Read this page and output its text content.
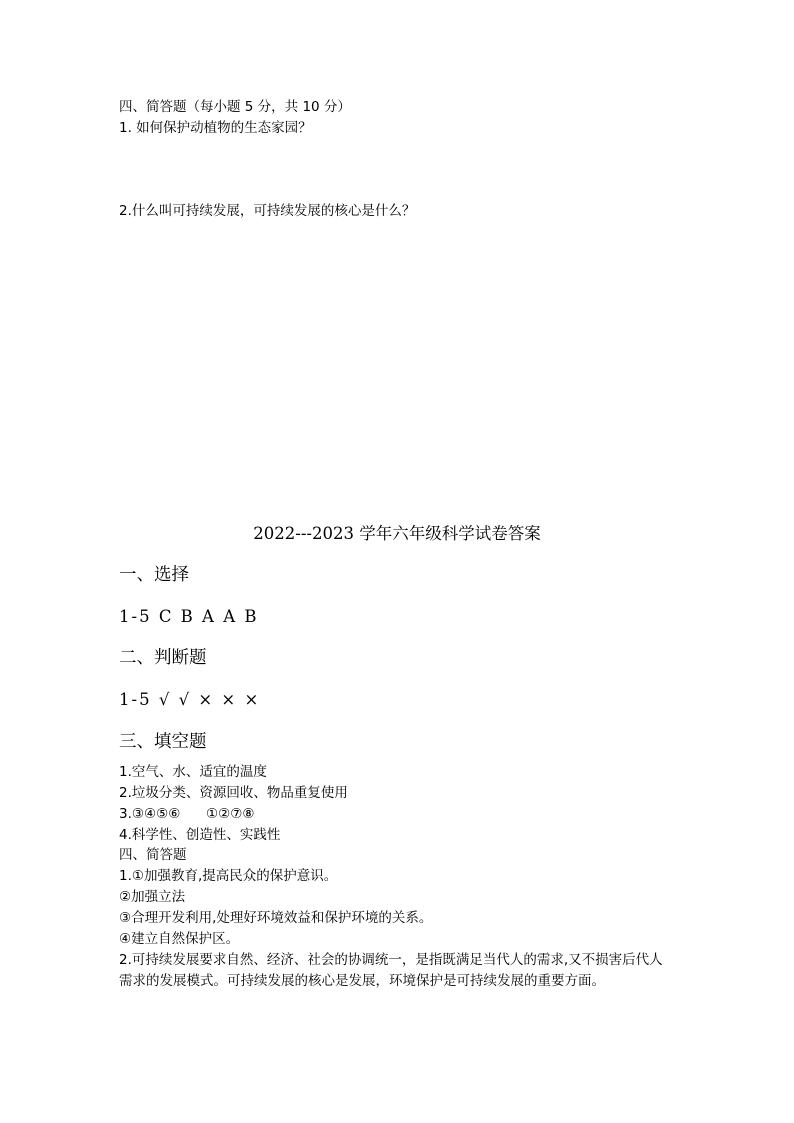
四、简答题（每小题 5 分，共 10 分）
1. 如何保护动植物的生态家园？
2.什么叫可持续发展，可持续发展的核心是什么？
2022---2023 学年六年级科学试卷答案
一、选择
1-5 C B A A B
二、判断题
1-5 √ √ × × ×
三、填空题
1.空气、水、适宜的温度
2.垃圾分类、资源回收、物品重复使用
3.③④⑤⑥      ①②⑦⑧
4.科学性、创造性、实践性
四、简答题
1.①加强教育,提高民众的保护意识。
②加强立法
③合理开发利用,处理好环境效益和保护环境的关系。
④建立自然保护区。
2.可持续发展要求自然、经济、社会的协调统一，是指既满足当代人的需求,又不损害后代人
需求的发展模式。可持续发展的核心是发展，环境保护是可持续发展的重要方面。
